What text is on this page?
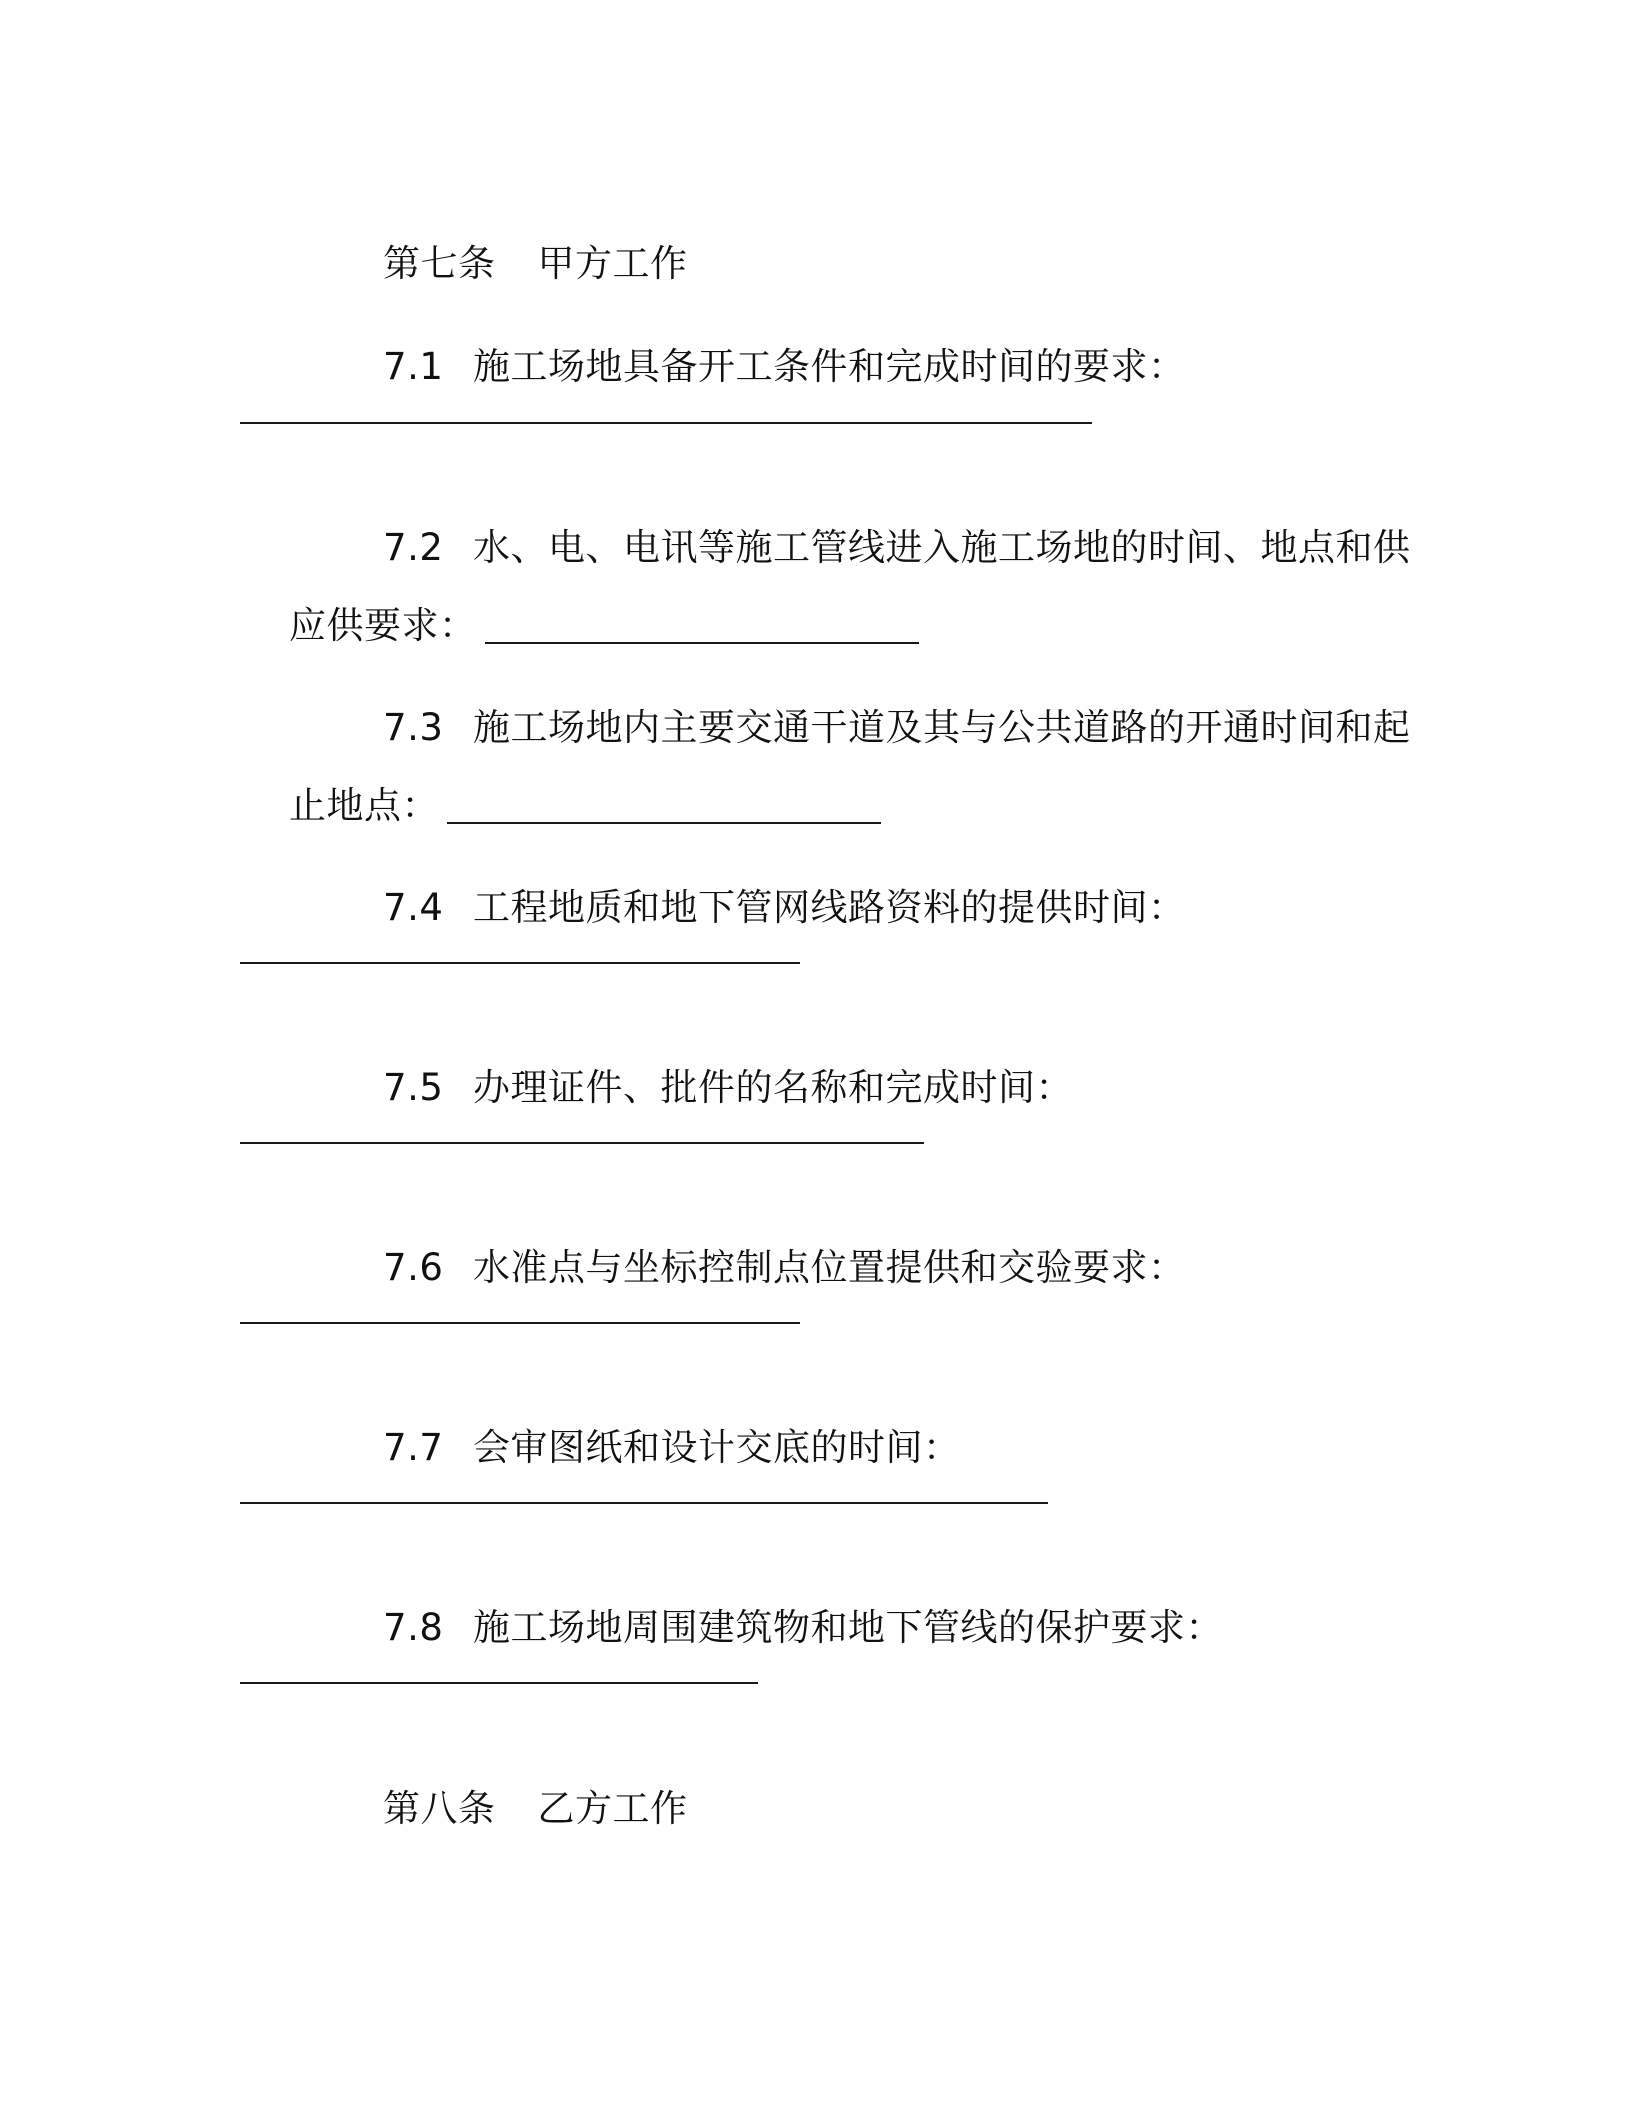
第七条 甲方工作

7.1 施工场地具备开工条件和完成时间的要求：

7.2 水、电、电讯等施工管线进入施工场地的时间、地点和供

应供要求：

7.3 施工场地内主要交通干道及其与公共道路的开通时间和起

止地点：

7.4 工程地质和地下管网线路资料的提供时间：

7.5 办理证件、批件的名称和完成时间：

7.6 水准点与坐标控制点位置提供和交验要求：

7.7 会审图纸和设计交底的时间：

7.8 施工场地周围建筑物和地下管线的保护要求：

第八条 乙方工作
